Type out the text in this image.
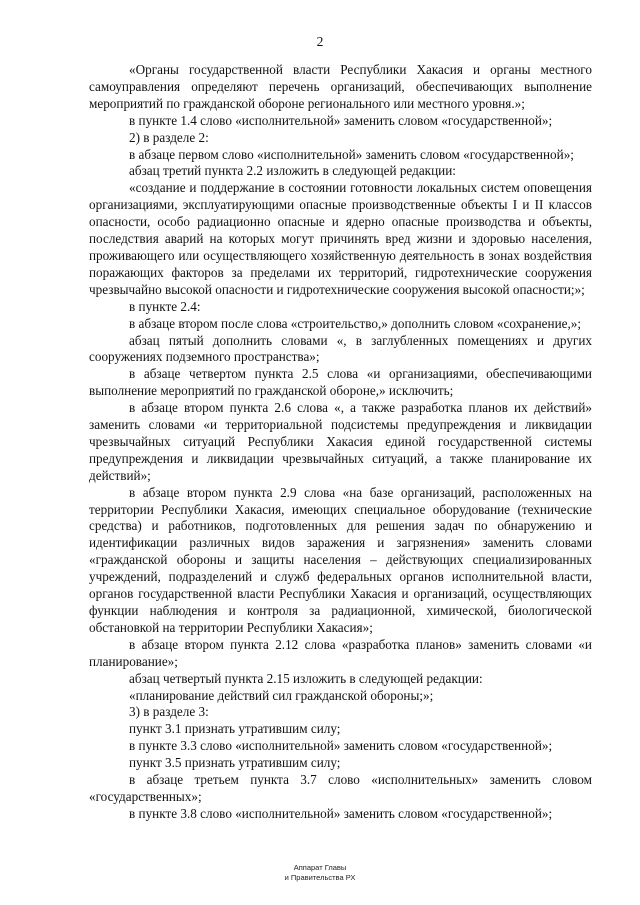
2

«Органы государственной власти Республики Хакасия и органы местного самоуправления определяют перечень организаций, обеспечивающих выполнение мероприятий по гражданской обороне регионального или местного уровня.»;

в пункте 1.4 слово «исполнительной» заменить словом «государственной»;

2) в разделе 2:

в абзаце первом слово «исполнительной» заменить словом «государственной»;

абзац третий пункта 2.2 изложить в следующей редакции:

«создание и поддержание в состоянии готовности локальных систем оповещения организациями, эксплуатирующими опасные производственные объекты I и II классов опасности, особо радиационно опасные и ядерно опасные производства и объекты, последствия аварий на которых могут причинять вред жизни и здоровью населения, проживающего или осуществляющего хозяйственную деятельность в зонах воздействия поражающих факторов за пределами их территорий, гидротехнические сооружения чрезвычайно высокой опасности и гидротехнические сооружения высокой опасности;»;

в пункте 2.4:

в абзаце втором после слова «строительство,» дополнить словом «сохранение,»;

абзац пятый дополнить словами «, в заглубленных помещениях и других сооружениях подземного пространства»;

в абзаце четвертом пункта 2.5 слова «и организациями, обеспечивающими выполнение мероприятий по гражданской обороне,» исключить;

в абзаце втором пункта 2.6 слова «, а также разработка планов их действий» заменить словами «и территориальной подсистемы предупреждения и ликвидации чрезвычайных ситуаций Республики Хакасия единой государственной системы предупреждения и ликвидации чрезвычайных ситуаций, а также планирование их действий»;

в абзаце втором пункта 2.9 слова «на базе организаций, расположенных на территории Республики Хакасия, имеющих специальное оборудование (технические средства) и работников, подготовленных для решения задач по обнаружению и идентификации различных видов заражения и загрязнения» заменить словами «гражданской обороны и защиты населения – действующих специализированных учреждений, подразделений и служб федеральных органов исполнительной власти, органов государственной власти Республики Хакасия и организаций, осуществляющих функции наблюдения и контроля за радиационной, химической, биологической обстановкой на территории Республики Хакасия»;

в абзаце втором пункта 2.12 слова «разработка планов» заменить словами «и планирование»;

абзац четвертый пункта 2.15 изложить в следующей редакции:

«планирование действий сил гражданской обороны;»;

3) в разделе 3:

пункт 3.1 признать утратившим силу;

в пункте 3.3 слово «исполнительной» заменить словом «государственной»;

пункт 3.5 признать утратившим силу;

в абзаце третьем пункта 3.7 слово «исполнительных» заменить словом «государственных»;

в пункте 3.8 слово «исполнительной» заменить словом «государственной»;

Аппарат Главы
и Правительства РХ
